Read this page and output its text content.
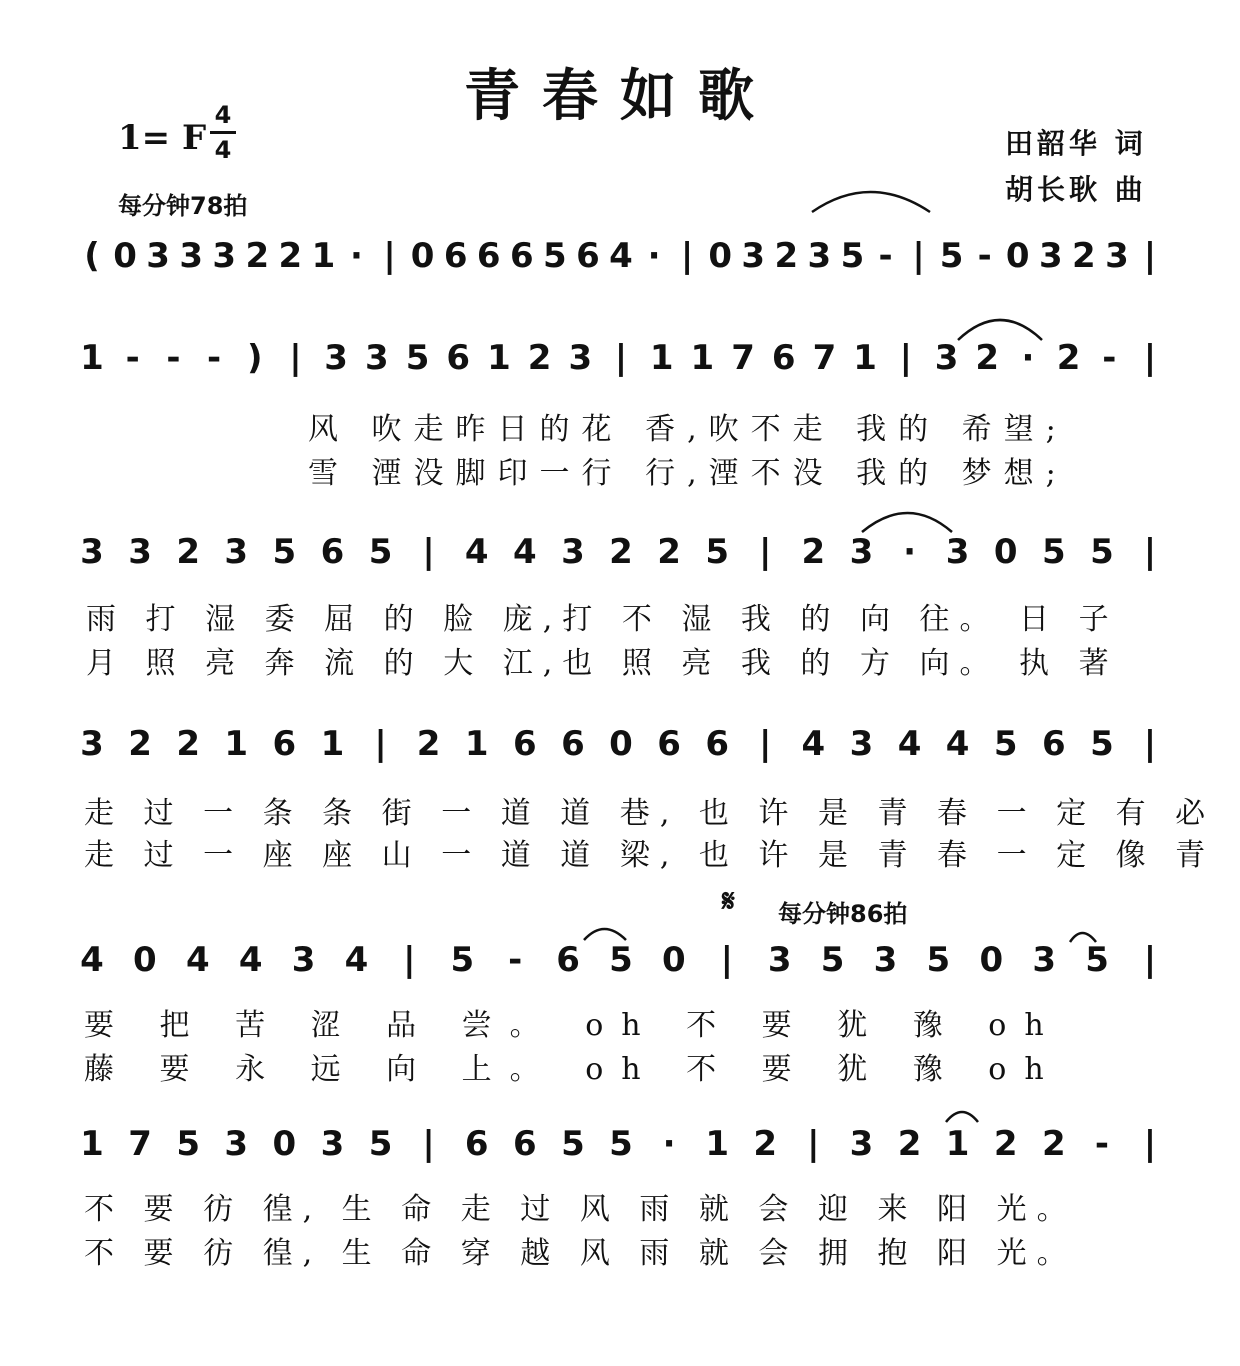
青春如歌
1= F
4
4
每分钟78拍
田韶华 词
胡长耿 曲
( 0 3 3 3 2 2 1 · | 0 6 6 6 5 6 4 · | 0 3 2 3 5 - | 5 - 0 3 2 3 |
1 - - - ) | 3 3 5 6 1 2 3 | 1 1 7 6 7 1 | 3 2 · 2 - |
3 3 2 3 5 6 5 | 4 4 3 2 2 5 | 2 3 · 3 0 5 5 |
3 2 2 1 6 1 | 2 1 6 6 0 6 6 | 4 3 4 4 5 6 5 |
4 0 4 4 3 4	|	5 - 6 5 0	|	3 5 3 5 0 3 5	|
1 7 5 3 0 3 5 | 6 6 5 5 · 1 2 | 3 2 1 2 2 -	|
风 吹走昨日的花 香,吹不走 我的 希望;
雪 湮没脚印一行 行,湮不没 我的 梦想;
雨 打 湿 委 屈 的 脸 庞,打 不 湿 我 的 向 往。 日 子
月 照 亮 奔 流 的 大 江,也 照 亮 我 的 方 向。 执 著
走 过 一 条 条 街 一 道 道 巷, 也 许 是 青 春 一 定 有 必
走 过 一 座 座 山 一 道 道 梁, 也 许 是 青 春 一 定 像 青
𝄋 每分钟86拍
要 把 苦 涩 品 尝。 oh 不 要 犹 豫 oh
藤 要 永 远 向 上。 oh 不 要 犹 豫 oh
不 要 彷 徨, 生 命 走 过 风 雨 就 会 迎 来 阳 光。
不 要 彷 徨, 生 命 穿 越 风 雨 就 会 拥 抱 阳 光。
